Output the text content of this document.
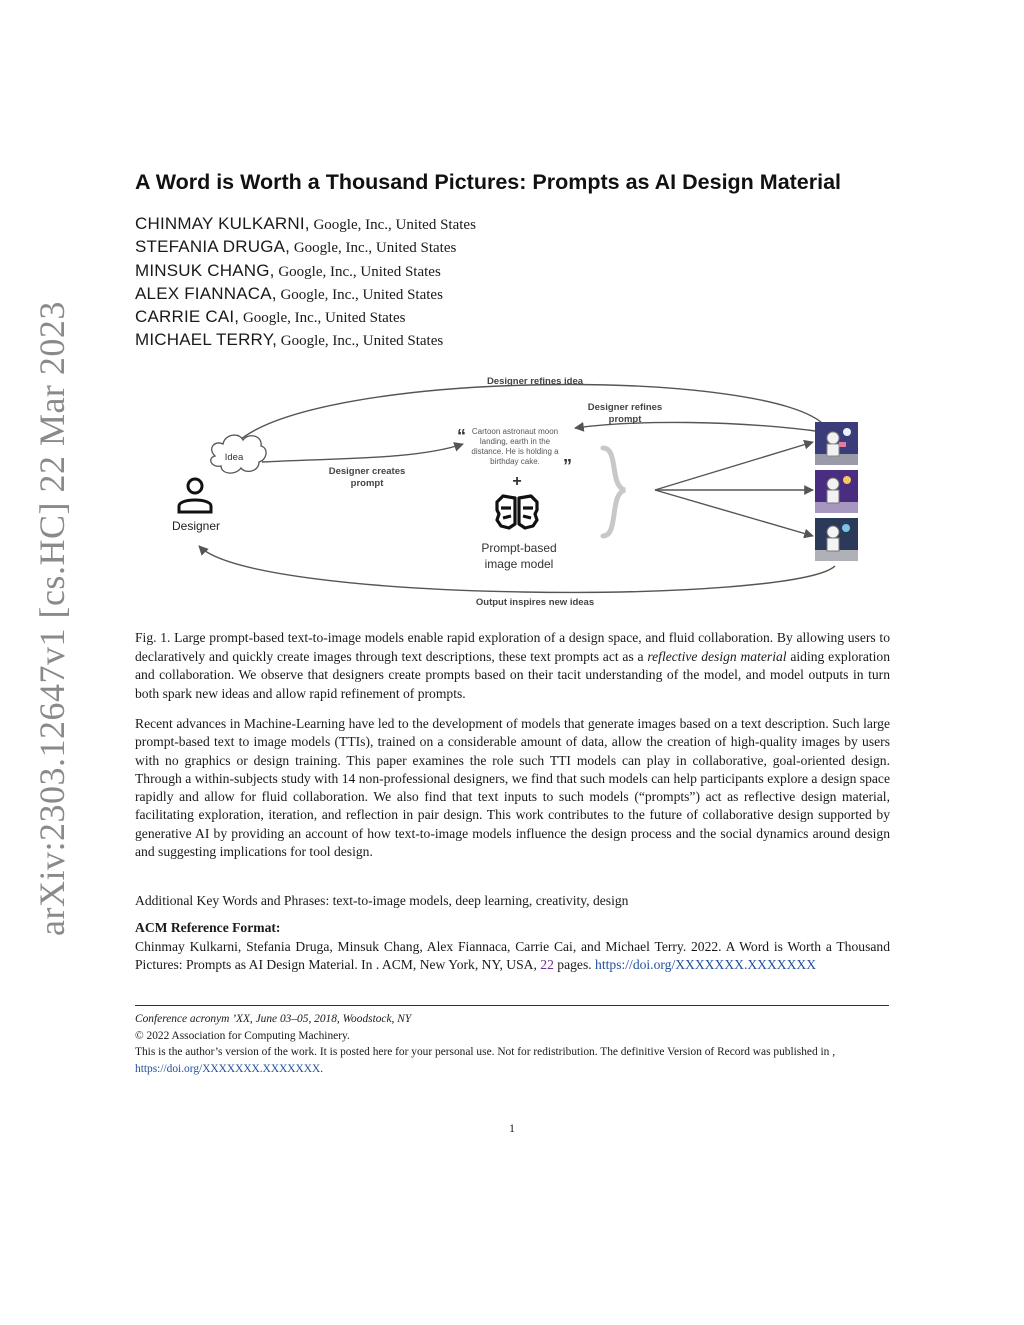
arXiv:2303.12647v1 [cs.HC] 22 Mar 2023
A Word is Worth a Thousand Pictures: Prompts as AI Design Material
CHINMAY KULKARNI, Google, Inc., United States
STEFANIA DRUGA, Google, Inc., United States
MINSUK CHANG, Google, Inc., United States
ALEX FIANNACA, Google, Inc., United States
CARRIE CAI, Google, Inc., United States
MICHAEL TERRY, Google, Inc., United States
Designer refines idea
Designer refines
prompt
Idea
Designer
Designer creates
prompt
“ Cartoon astronaut moon
landing, earth in the
distance. He is holding a
birthday cake. ”
+
Prompt-based
image model
Output inspires new ideas
Fig. 1. Large prompt-based text-to-image models enable rapid exploration of a design space, and fluid collaboration. By allowing users to declaratively and quickly create images through text descriptions, these text prompts act as a reflective design material aiding exploration and collaboration. We observe that designers create prompts based on their tacit understanding of the model, and model outputs in turn both spark new ideas and allow rapid refinement of prompts.
Recent advances in Machine-Learning have led to the development of models that generate images based on a text description. Such large prompt-based text to image models (TTIs), trained on a considerable amount of data, allow the creation of high-quality images by users with no graphics or design training. This paper examines the role such TTI models can play in collaborative, goal-oriented design. Through a within-subjects study with 14 non-professional designers, we find that such models can help participants explore a design space rapidly and allow for fluid collaboration. We also find that text inputs to such models (“prompts”) act as reflective design material, facilitating exploration, iteration, and reflection in pair design. This work contributes to the future of collaborative design supported by generative AI by providing an account of how text-to-image models influence the design process and the social dynamics around design and suggesting implications for tool design.
Additional Key Words and Phrases: text-to-image models, deep learning, creativity, design
ACM Reference Format:
Chinmay Kulkarni, Stefania Druga, Minsuk Chang, Alex Fiannaca, Carrie Cai, and Michael Terry. 2022. A Word is Worth a Thousand Pictures: Prompts as AI Design Material. In . ACM, New York, NY, USA, 22 pages. https://doi.org/XXXXXXX.XXXXXXX
Conference acronym ’XX, June 03–05, 2018, Woodstock, NY
© 2022 Association for Computing Machinery.
This is the author’s version of the work. It is posted here for your personal use. Not for redistribution. The definitive Version of Record was published in , https://doi.org/XXXXXXX.XXXXXXX.
1
